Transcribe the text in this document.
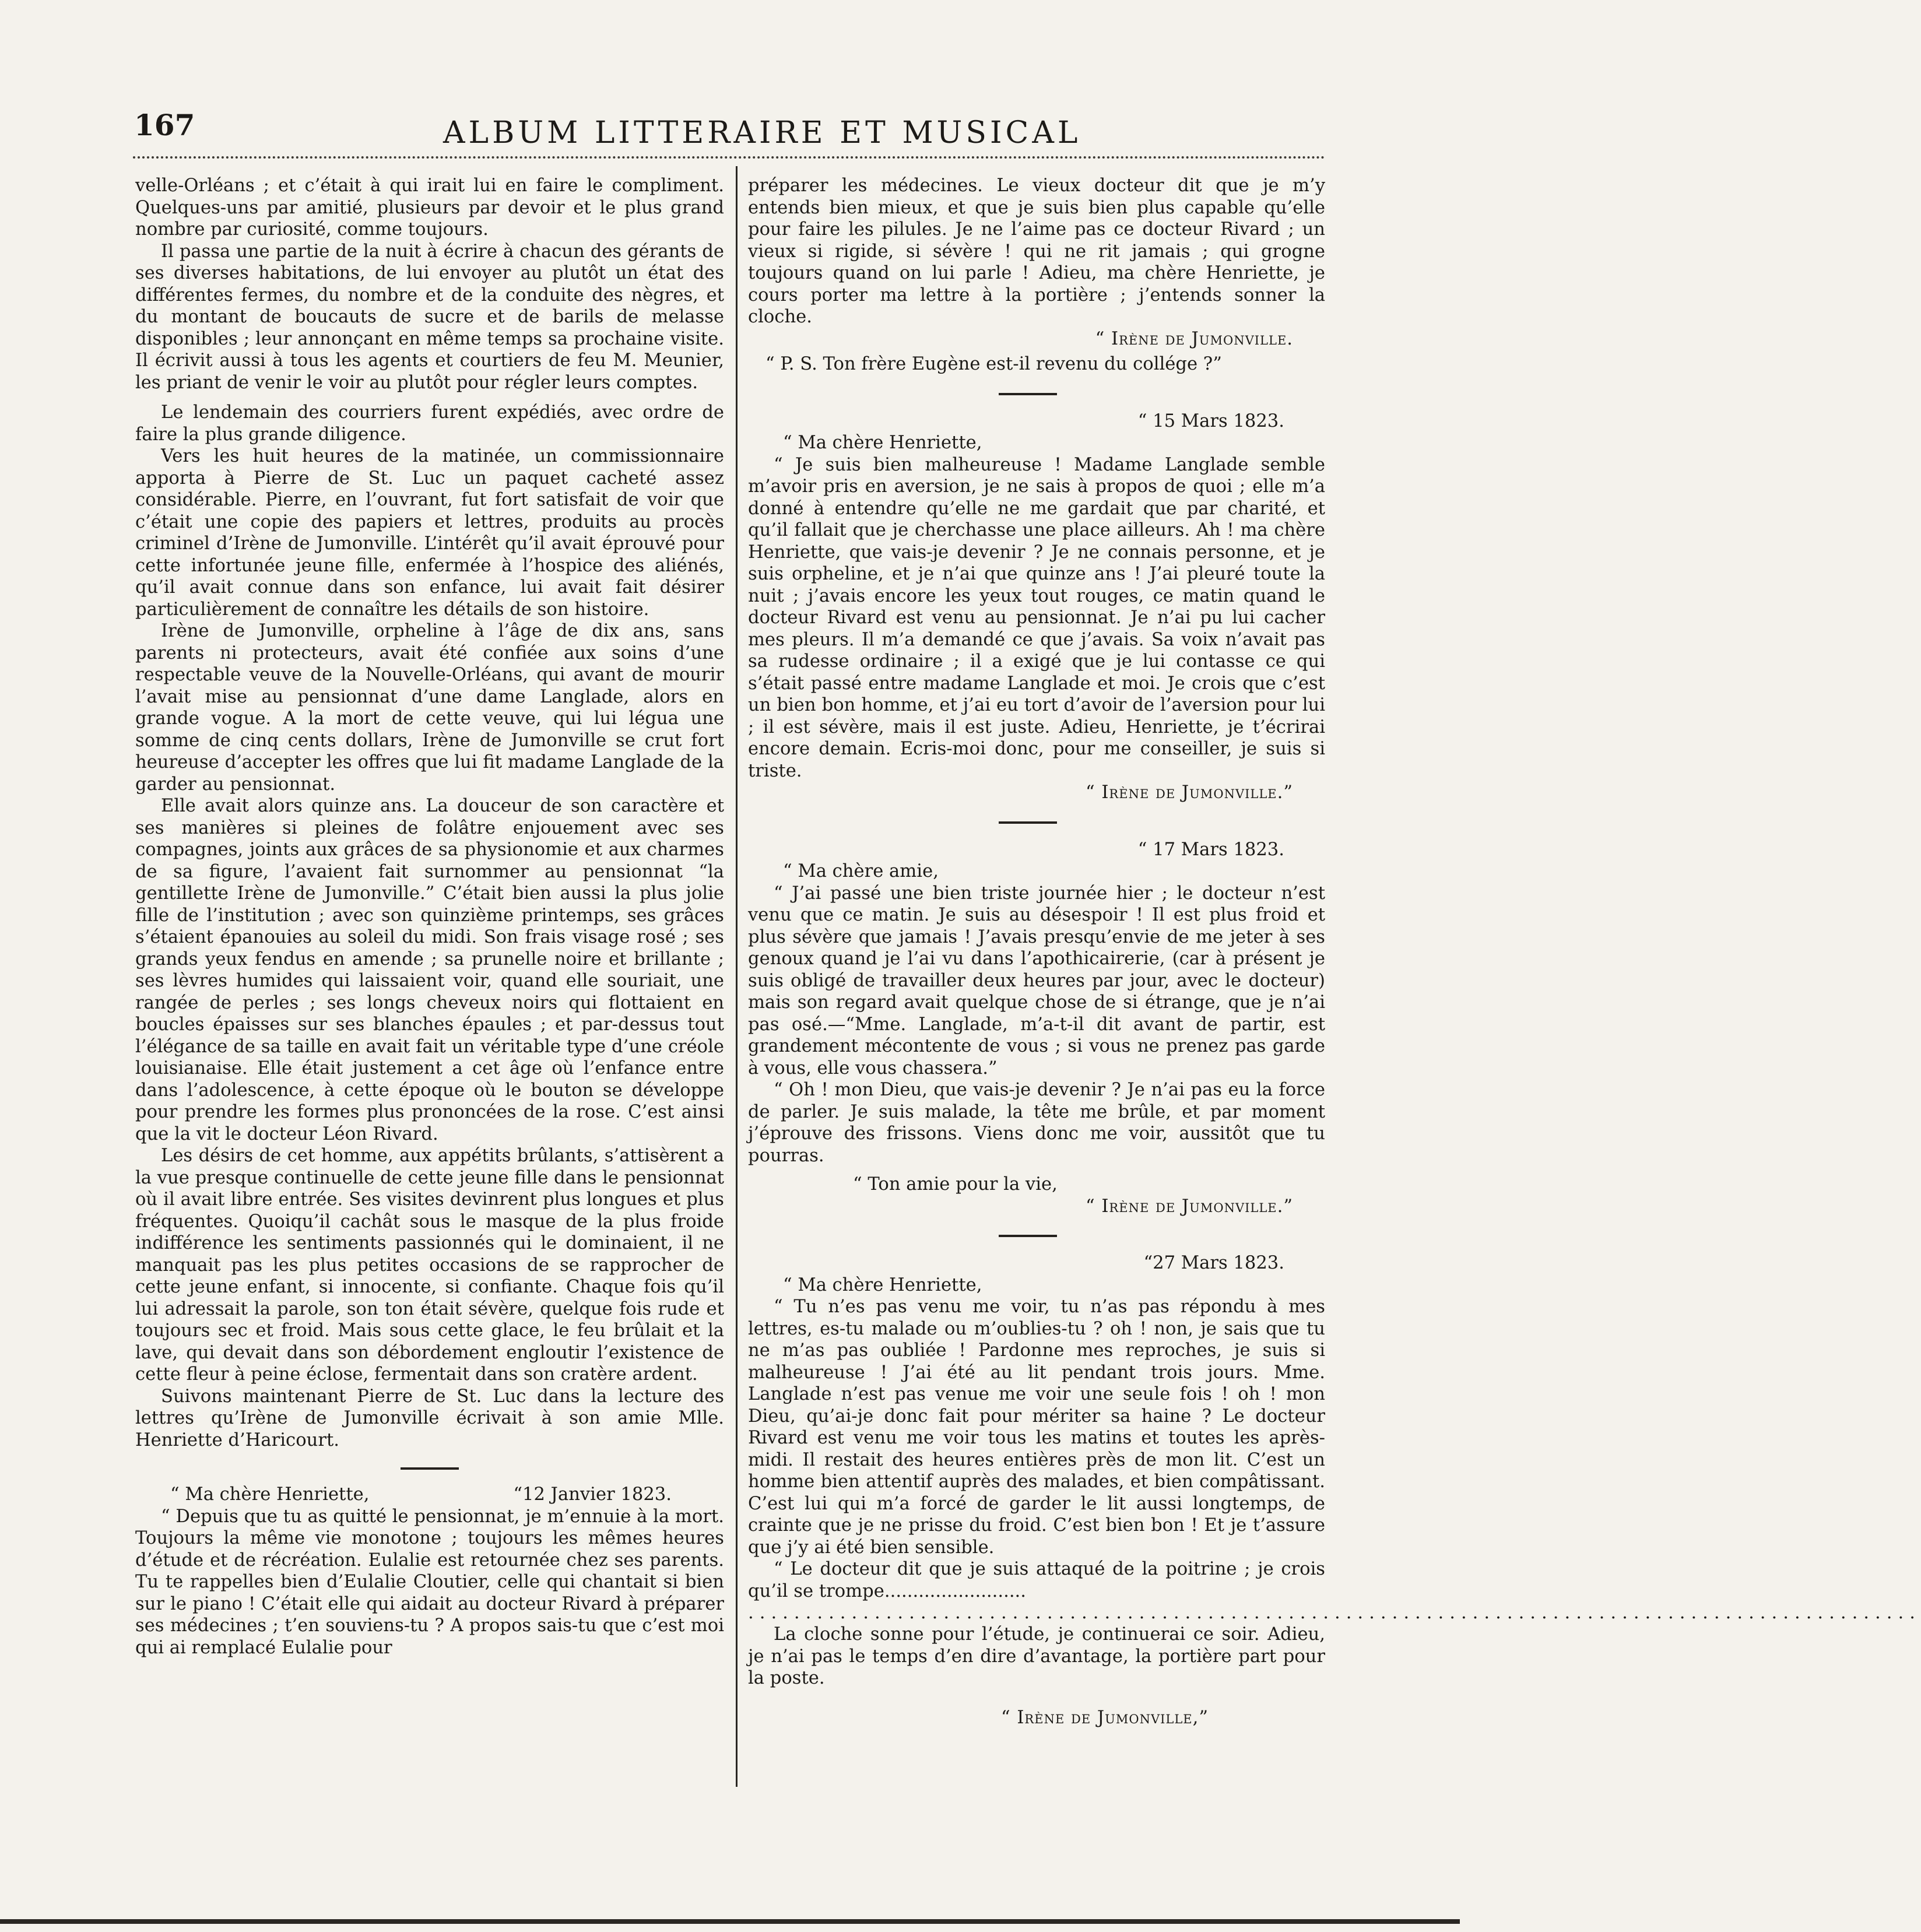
167	ALBUM LITTERAIRE ET MUSICAL

velle-Orléans ; et c’était à qui irait lui en faire le compliment. Quelques-uns par amitié, plusieurs par devoir et le plus grand nombre par curiosité, comme toujours.

Il passa une partie de la nuit à écrire à chacun des gérants de ses diverses habitations, de lui envoyer au plutôt un état des différentes fermes, du nombre et de la conduite des nègres, et du montant de boucauts de sucre et de barils de melasse disponibles ; leur annonçant en même temps sa prochaine visite. Il écrivit aussi à tous les agents et courtiers de feu M. Meunier, les priant de venir le voir au plutôt pour régler leurs comptes.

Le lendemain des courriers furent expédiés, avec ordre de faire la plus grande diligence.

Vers les huit heures de la matinée, un commissionnaire apporta à Pierre de St. Luc un paquet cacheté assez considérable. Pierre, en l’ouvrant, fut fort satisfait de voir que c’était une copie des papiers et lettres, produits au procès criminel d’Irène de Jumonville. L’intérêt qu’il avait éprouvé pour cette infortunée jeune fille, enfermée à l’hospice des aliénés, qu’il avait connue dans son enfance, lui avait fait désirer particulièrement de connaître les détails de son histoire.

Irène de Jumonville, orpheline à l’âge de dix ans, sans parents ni protecteurs, avait été confiée aux soins d’une respectable veuve de la Nouvelle-Orléans, qui avant de mourir l’avait mise au pensionnat d’une dame Langlade, alors en grande vogue. A la mort de cette veuve, qui lui légua une somme de cinq cents dollars, Irène de Jumonville se crut fort heureuse d’accepter les offres que lui fit madame Langlade de la garder au pensionnat.

Elle avait alors quinze ans. La douceur de son caractère et ses manières si pleines de folâtre enjouement avec ses compagnes, joints aux grâces de sa physionomie et aux charmes de sa figure, l’avaient fait surnommer au pensionnat “la gentillette Irène de Jumonville.” C’était bien aussi la plus jolie fille de l’institution ; avec son quinzième printemps, ses grâces s’étaient épanouies au soleil du midi. Son frais visage rosé ; ses grands yeux fendus en amende ; sa prunelle noire et brillante ; ses lèvres humides qui laissaient voir, quand elle souriait, une rangée de perles ; ses longs cheveux noirs qui flottaient en boucles épaisses sur ses blanches épaules ; et par-dessus tout l’élégance de sa taille en avait fait un véritable type d’une créole louisianaise. Elle était justement a cet âge où l’enfance entre dans l’adolescence, à cette époque où le bouton se développe pour prendre les formes plus prononcées de la rose. C’est ainsi que la vit le docteur Léon Rivard.

Les désirs de cet homme, aux appétits brûlants, s’attisèrent a la vue presque continuelle de cette jeune fille dans le pensionnat où il avait libre entrée. Ses visites devinrent plus longues et plus fréquentes. Quoiqu’il cachât sous le masque de la plus froide indifférence les sentiments passionnés qui le dominaient, il ne manquait pas les plus petites occasions de se rapprocher de cette jeune enfant, si innocente, si confiante. Chaque fois qu’il lui adressait la parole, son ton était sévère, quelque fois rude et toujours sec et froid. Mais sous cette glace, le feu brûlait et la lave, qui devait dans son débordement engloutir l’existence de cette fleur à peine éclose, fermentait dans son cratère ardent.

Suivons maintenant Pierre de St. Luc dans la lecture des lettres qu’Irène de Jumonville écrivait à son amie Mlle. Henriette d’Haricourt.

“ Ma chère Henriette,	“12 Janvier 1823.

“ Depuis que tu as quitté le pensionnat, je m’ennuie à la mort. Toujours la même vie monotone ; toujours les mêmes heures d’étude et de récréation. Eulalie est retournée chez ses parents. Tu te rappelles bien d’Eulalie Cloutier, celle qui chantait si bien sur le piano ! C’était elle qui aidait au docteur Rivard à préparer ses médecines ; t’en souviens-tu ? A propos sais-tu que c’est moi qui ai remplacé Eulalie pour

préparer les médecines. Le vieux docteur dit que je m’y entends bien mieux, et que je suis bien plus capable qu’elle pour faire les pilules. Je ne l’aime pas ce docteur Rivard ; un vieux si rigide, si sévère ! qui ne rit jamais ; qui grogne toujours quand on lui parle ! Adieu, ma chère Henriette, je cours porter ma lettre à la portière ; j’entends sonner la cloche.

“ Irène de Jumonville.

“ P. S. Ton frère Eugène est-il revenu du collége ?”

“ 15 Mars 1823.

“ Ma chère Henriette,

“ Je suis bien malheureuse ! Madame Langlade semble m’avoir pris en aversion, je ne sais à propos de quoi ; elle m’a donné à entendre qu’elle ne me gardait que par charité, et qu’il fallait que je cherchasse une place ailleurs. Ah ! ma chère Henriette, que vais-je devenir ? Je ne connais personne, et je suis orpheline, et je n’ai que quinze ans ! J’ai pleuré toute la nuit ; j’avais encore les yeux tout rouges, ce matin quand le docteur Rivard est venu au pensionnat. Je n’ai pu lui cacher mes pleurs. Il m’a demandé ce que j’avais. Sa voix n’avait pas sa rudesse ordinaire ; il a exigé que je lui contasse ce qui s’était passé entre madame Langlade et moi. Je crois que c’est un bien bon homme, et j’ai eu tort d’avoir de l’aversion pour lui ; il est sévère, mais il est juste. Adieu, Henriette, je t’écrirai encore demain. Ecris-moi donc, pour me conseiller, je suis si triste.

“ Irène de Jumonville.”

“ 17 Mars 1823.

“ Ma chère amie,

“ J’ai passé une bien triste journée hier ; le docteur n’est venu que ce matin. Je suis au désespoir ! Il est plus froid et plus sévère que jamais ! J’avais presqu’envie de me jeter à ses genoux quand je l’ai vu dans l’apothicairerie, (car à présent je suis obligé de travailler deux heures par jour, avec le docteur) mais son regard avait quelque chose de si étrange, que je n’ai pas osé.—“Mme. Langlade, m’a-t-il dit avant de partir, est grandement mécontente de vous ; si vous ne prenez pas garde à vous, elle vous chassera.”

“ Oh ! mon Dieu, que vais-je devenir ? Je n’ai pas eu la force de parler. Je suis malade, la tête me brûle, et par moment j’éprouve des frissons. Viens donc me voir, aussitôt que tu pourras.

“ Ton amie pour la vie,

“ Irène de Jumonville.”

“27 Mars 1823.

“ Ma chère Henriette,

“ Tu n’es pas venu me voir, tu n’as pas répondu à mes lettres, es-tu malade ou m’oublies-tu ? oh ! non, je sais que tu ne m’as pas oubliée ! Pardonne mes reproches, je suis si malheureuse ! J’ai été au lit pendant trois jours. Mme. Langlade n’est pas venue me voir une seule fois ! oh ! mon Dieu, qu’ai-je donc fait pour mériter sa haine ? Le docteur Rivard est venu me voir tous les matins et toutes les après-midi. Il restait des heures entières près de mon lit. C’est un homme bien attentif auprès des malades, et bien compâtissant. C’est lui qui m’a forcé de garder le lit aussi longtemps, de crainte que je ne prisse du froid. C’est bien bon ! Et je t’assure que j’y ai été bien sensible.

“ Le docteur dit que je suis attaqué de la poitrine ; je crois qu’il se trompe.........................

......................................................................................................

La cloche sonne pour l’étude, je continuerai ce soir. Adieu, je n’ai pas le temps d’en dire d’avantage, la portière part pour la poste.

“ Irène de Jumonville,”
